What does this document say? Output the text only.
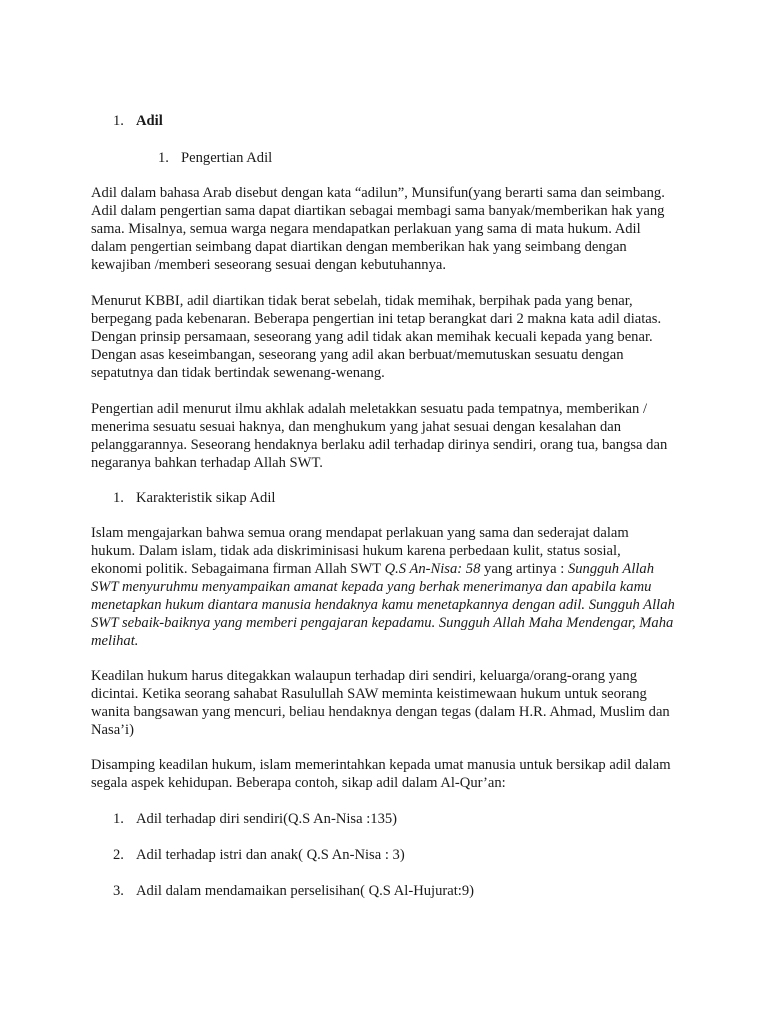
1. Adil
1. Pengertian Adil

Adil dalam bahasa Arab disebut dengan kata “adilun”, Munsifun(yang berarti sama dan seimbang. Adil dalam pengertian sama dapat diartikan sebagai membagi sama banyak/memberikan hak yang sama. Misalnya, semua warga negara mendapatkan perlakuan yang sama di mata hukum. Adil dalam pengertian seimbang dapat diartikan dengan memberikan hak yang seimbang dengan kewajiban /memberi seseorang sesuai dengan kebutuhannya.

Menurut KBBI, adil diartikan tidak berat sebelah, tidak memihak, berpihak pada yang benar, berpegang pada kebenaran. Beberapa pengertian ini tetap berangkat dari 2 makna kata adil diatas. Dengan prinsip persamaan, seseorang yang adil tidak akan memihak kecuali kepada yang benar. Dengan asas keseimbangan, seseorang yang adil akan berbuat/memutuskan sesuatu dengan sepatutnya dan tidak bertindak sewenang-wenang.

Pengertian adil menurut ilmu akhlak adalah meletakkan sesuatu pada tempatnya, memberikan / menerima sesuatu sesuai haknya, dan menghukum yang jahat sesuai dengan kesalahan dan pelanggarannya. Seseorang hendaknya berlaku adil terhadap dirinya sendiri, orang tua, bangsa dan negaranya bahkan terhadap Allah SWT.

1. Karakteristik sikap Adil

Islam mengajarkan bahwa semua orang mendapat perlakuan yang sama dan sederajat dalam hukum. Dalam islam, tidak ada diskriminisasi hukum karena perbedaan kulit, status sosial, ekonomi politik. Sebagaimana firman Allah SWT Q.S An-Nisa: 58 yang artinya : Sungguh Allah SWT menyuruhmu menyampaikan amanat kepada yang berhak menerimanya dan apabila kamu menetapkan hukum diantara manusia hendaknya kamu menetapkannya dengan adil. Sungguh Allah SWT sebaik-baiknya yang memberi pengajaran kepadamu. Sungguh Allah Maha Mendengar, Maha melihat.

Keadilan hukum harus ditegakkan walaupun terhadap diri sendiri, keluarga/orang-orang yang dicintai. Ketika seorang sahabat Rasulullah SAW meminta keistimewaan hukum untuk seorang wanita bangsawan yang mencuri, beliau hendaknya dengan tegas (dalam H.R. Ahmad, Muslim dan Nasa’i)

Disamping keadilan hukum, islam memerintahkan kepada umat manusia untuk bersikap adil dalam segala aspek kehidupan. Beberapa contoh, sikap adil dalam Al-Qur’an:

1. Adil terhadap diri sendiri(Q.S An-Nisa :135)
2. Adil terhadap istri dan anak( Q.S An-Nisa : 3)
3. Adil dalam mendamaikan perselisihan( Q.S Al-Hujurat:9)
